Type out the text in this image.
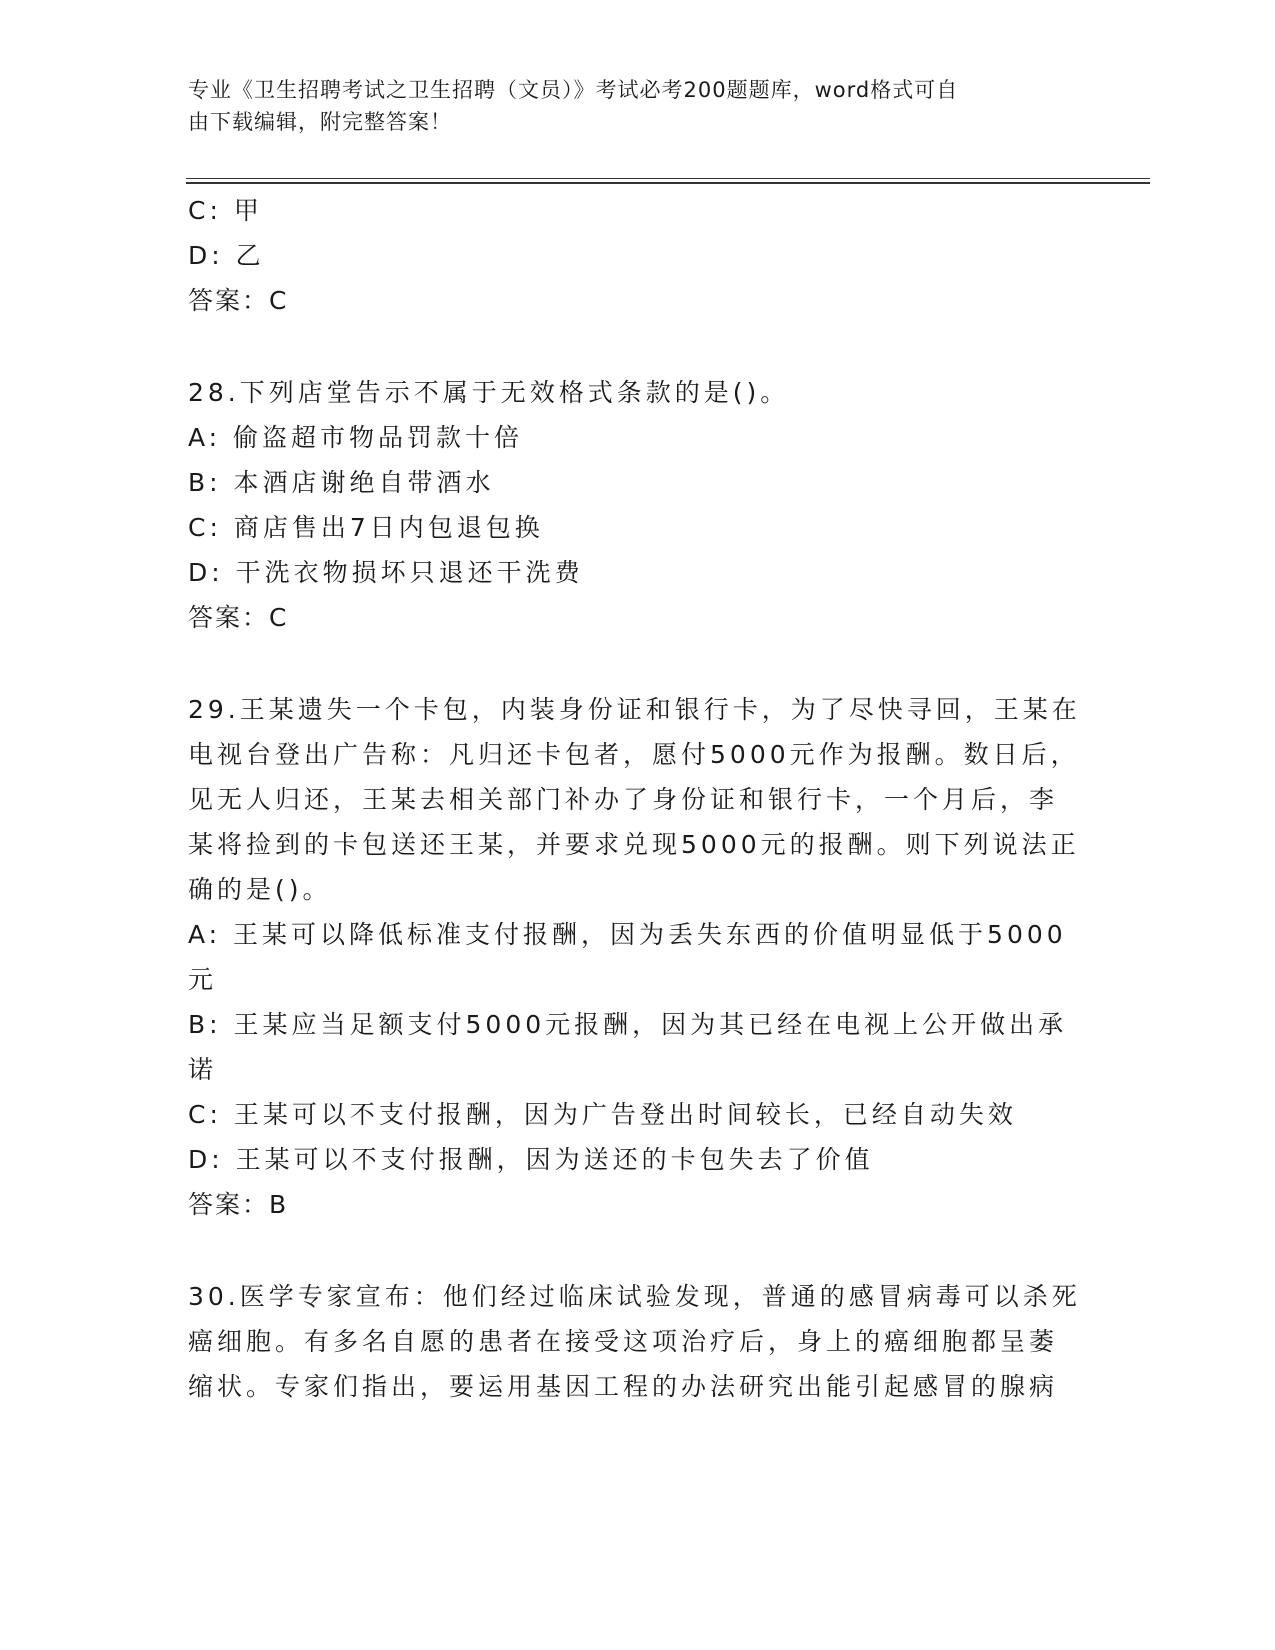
专业《卫生招聘考试之卫生招聘（文员）》考试必考200题题库，word格式可自
由下载编辑，附完整答案！
C: 甲
D: 乙
答案：C
28.下列店堂告示不属于无效格式条款的是()。
A: 偷盗超市物品罚款十倍
B: 本酒店谢绝自带酒水
C: 商店售出7日内包退包换
D: 干洗衣物损坏只退还干洗费
答案：C
29.王某遗失一个卡包，内装身份证和银行卡，为了尽快寻回，王某在
电视台登出广告称：凡归还卡包者，愿付5000元作为报酬。数日后，
见无人归还，王某去相关部门补办了身份证和银行卡，一个月后，李
某将捡到的卡包送还王某，并要求兑现5000元的报酬。则下列说法正
确的是()。
A: 王某可以降低标准支付报酬，因为丢失东西的价值明显低于5000
元
B: 王某应当足额支付5000元报酬，因为其已经在电视上公开做出承
诺
C: 王某可以不支付报酬，因为广告登出时间较长，已经自动失效
D: 王某可以不支付报酬，因为送还的卡包失去了价值
答案：B
30.医学专家宣布：他们经过临床试验发现，普通的感冒病毒可以杀死
癌细胞。有多名自愿的患者在接受这项治疗后，身上的癌细胞都呈萎
缩状。专家们指出，要运用基因工程的办法研究出能引起感冒的腺病
